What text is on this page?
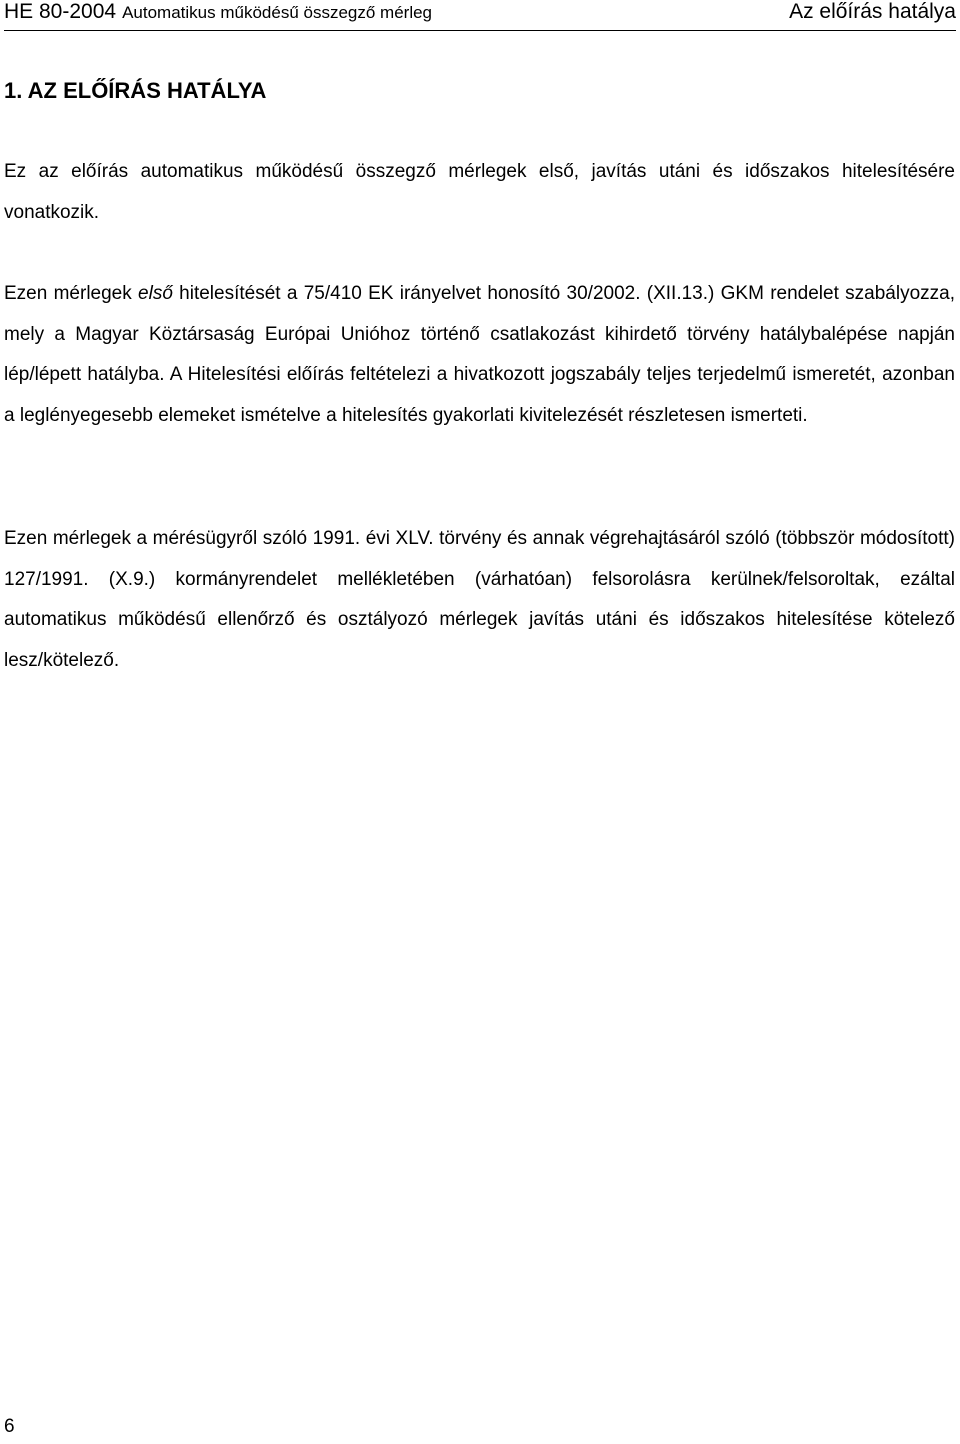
HE 80-2004 Automatikus működésű összegző mérleg	Az előírás hatálya
1. AZ ELŐÍRÁS HATÁLYA

Ez az előírás automatikus működésű összegző mérlegek első, javítás utáni és időszakos hitelesítésére vonatkozik.

Ezen mérlegek első hitelesítését a 75/410 EK irányelvet honosító 30/2002. (XII.13.) GKM rendelet szabályozza, mely a Magyar Köztársaság Európai Unióhoz történő csatlakozást kihirdető törvény hatálybalépése napján lép/lépett hatályba. A Hitelesítési előírás feltételezi a hivatkozott jogszabály teljes terjedelmű ismeretét, azonban a leglényegesebb elemeket ismételve a hitelesítés gyakorlati kivitelezését részletesen ismerteti.

Ezen mérlegek a mérésügyről szóló 1991. évi XLV. törvény és annak végrehajtásáról szóló (többször módosított) 127/1991. (X.9.) kormányrendelet mellékletében (várhatóan) felsorolásra kerülnek/felsoroltak, ezáltal automatikus működésű ellenőrző és osztályozó mérlegek javítás utáni és időszakos hitelesítése kötelező lesz/kötelező.

6
